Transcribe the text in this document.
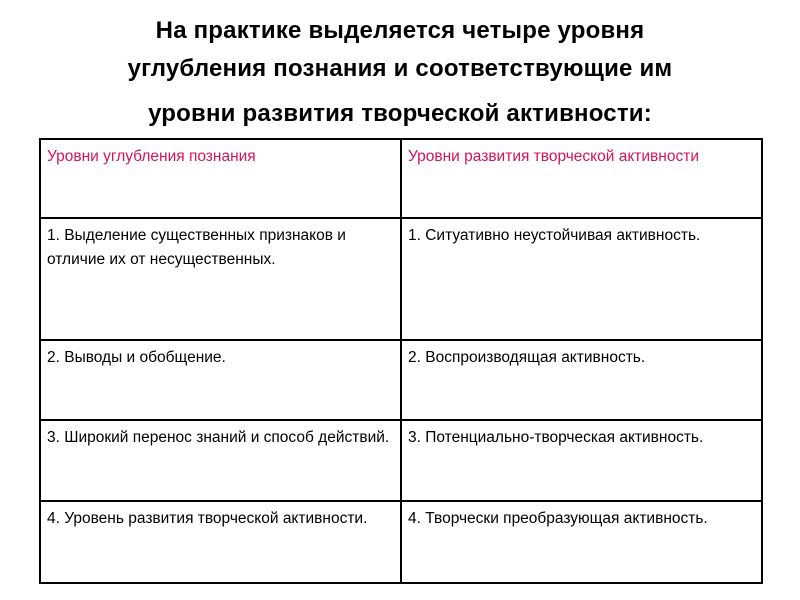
На практике выделяется четыре уровня
углубления познания и соответствующие им
уровни развития творческой активности:
Уровни углубления познания	Уровни развития творческой активности
1. Выделение существенных признаков и отличие их от несущественных.	1. Ситуативно неустойчивая активность.
2. Выводы и обобщение.	2. Воспроизводящая активность.
3. Широкий перенос знаний и способ действий.	3. Потенциально-творческая активность.
4. Уровень развития творческой активности.	4. Творчески преобразующая активность.
